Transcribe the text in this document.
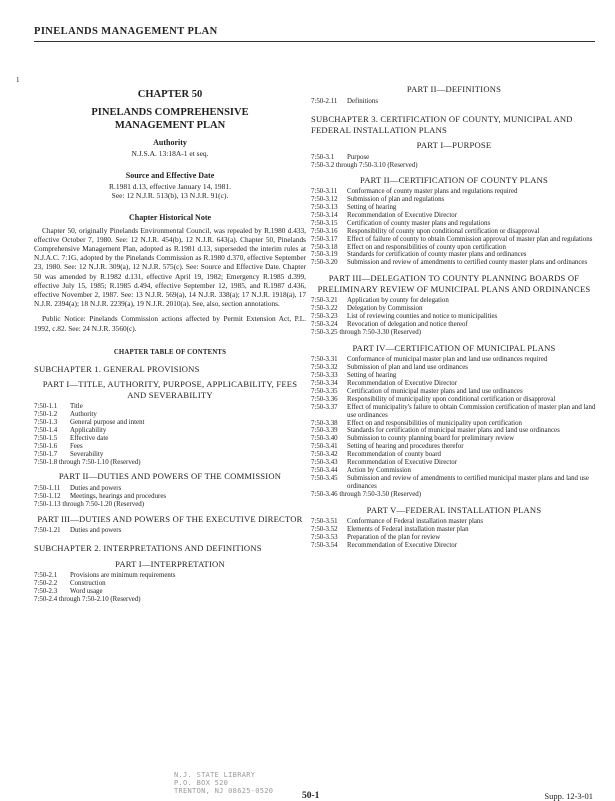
PINELANDS MANAGEMENT PLAN
1
CHAPTER 50
PINELANDS COMPREHENSIVE
MANAGEMENT PLAN
Authority
N.J.S.A. 13:18A-1 et seq.
Source and Effective Date
R.1981 d.13, effective January 14, 1981.
See: 12 N.J.R. 513(b), 13 N.J.R. 91(c).
Chapter Historical Note

Chapter 50, originally Pinelands Environmental Council, was repealed by R.1980 d.433, effective October 7, 1980. See: 12 N.J.R. 454(b), 12 N.J.R. 643(a). Chapter 50, Pinelands Comprehensive Management Plan, adopted as R.1981 d.13, superseded the interim rules at N.J.A.C. 7:1G, adopted by the Pinelands Commission as R.1980 d.370, effective September 23, 1980. See: 12 N.J.R. 309(a), 12 N.J.R. 575(c). See: Source and Effective Date. Chapter 50 was amended by R.1982 d.131, effective April 19, 1982; Emergency R.1985 d.399, effective July 15, 1985; R.1985 d.494, effective September 12, 1985, and R.1987 d.436, effective November 2, 1987. See: 13 N.J.R. 569(a), 14 N.J.R. 338(a); 17 N.J.R. 1918(a), 17 N.J.R. 2394(a); 18 N.J.R. 2239(a), 19 N.J.R. 2010(a). See, also, section annotations.

Public Notice: Pinelands Commission actions affected by Permit Extension Act, P.L. 1992, c.82. See: 24 N.J.R. 3560(c).

CHAPTER TABLE OF CONTENTS
SUBCHAPTER 1. GENERAL PROVISIONS
PART I—TITLE, AUTHORITY, PURPOSE, APPLICABILITY, FEES AND SEVERABILITY
7:50-1.1	Title
7:50-1.2	Authority
7:50-1.3	General purpose and intent
7:50-1.4	Applicability
7:50-1.5	Effective date
7:50-1.6	Fees
7:50-1.7	Severability
7:50-1.8 through 7:50-1.10 (Reserved)
PART II—DUTIES AND POWERS OF THE COMMISSION
7:50-1.11	Duties and powers
7:50-1.12	Meetings, hearings and procedures
7:50-1.13 through 7:50-1.20 (Reserved)
PART III—DUTIES AND POWERS OF THE EXECUTIVE DIRECTOR
7:50-1.21	Duties and powers
SUBCHAPTER 2. INTERPRETATIONS AND DEFINITIONS
PART I—INTERPRETATION
7:50-2.1	Provisions are minimum requirements
7:50-2.2	Construction
7:50-2.3	Word usage
7:50-2.4 through 7:50-2.10 (Reserved)
PART II—DEFINITIONS
7:50-2.11	Definitions
SUBCHAPTER 3. CERTIFICATION OF COUNTY, MUNICIPAL AND FEDERAL INSTALLATION PLANS
PART I—PURPOSE
7:50-3.1	Purpose
7:50-3.2 through 7:50-3.10 (Reserved)
PART II—CERTIFICATION OF COUNTY PLANS
7:50-3.11	Conformance of county master plans and regulations required
7:50-3.12	Submission of plan and regulations
7:50-3.13	Setting of hearing
7:50-3.14	Recommendation of Executive Director
7:50-3.15	Certification of county master plans and regulations
7:50-3.16	Responsibility of county upon conditional certification or disapproval
7:50-3.17	Effect of failure of county to obtain Commission approval of master plan and regulations
7:50-3.18	Effect on and responsibilities of county upon certification
7:50-3.19	Standards for certification of county master plans and ordinances
7:50-3.20	Submission and review of amendments to certified county master plans and ordinances
PART III—DELEGATION TO COUNTY PLANNING BOARDS OF PRELIMINARY REVIEW OF MUNICIPAL PLANS AND ORDINANCES
7:50-3.21	Application by county for delegation
7:50-3.22	Delegation by Commission
7:50-3.23	List of reviewing counties and notice to municipalities
7:50-3.24	Revocation of delegation and notice thereof
7:50-3.25 through 7:50-3.30 (Reserved)
PART IV—CERTIFICATION OF MUNICIPAL PLANS
7:50-3.31	Conformance of municipal master plan and land use ordinances required
7:50-3.32	Submission of plan and land use ordinances
7:50-3.33	Setting of hearing
7:50-3.34	Recommendation of Executive Director
7:50-3.35	Certification of municipal master plans and land use ordinances
7:50-3.36	Responsibility of municipality upon conditional certification or disapproval
7:50-3.37	Effect of municipality's failure to obtain Commission certification of master plan and land use ordinances
7:50-3.38	Effect on and responsibilities of municipality upon certification
7:50-3.39	Standards for certification of municipal master plans and land use ordinances
7:50-3.40	Submission to county planning board for preliminary review
7:50-3.41	Setting of hearing and procedures therefor
7:50-3.42	Recommendation of county board
7:50-3.43	Recommendation of Executive Director
7:50-3.44	Action by Commission
7:50-3.45	Submission and review of amendments to certified municipal master plans and land use ordinances
7:50-3.46 through 7:50-3.50 (Reserved)
PART V—FEDERAL INSTALLATION PLANS
7:50-3.51	Conformance of Federal installation master plans
7:50-3.52	Elements of Federal installation master plan
7:50-3.53	Preparation of the plan for review
7:50-3.54	Recommendation of Executive Director
N.J. STATE LIBRARY
P.O. BOX 520
TRENTON, NJ 08625-0520	50-1	Supp. 12-3-01
